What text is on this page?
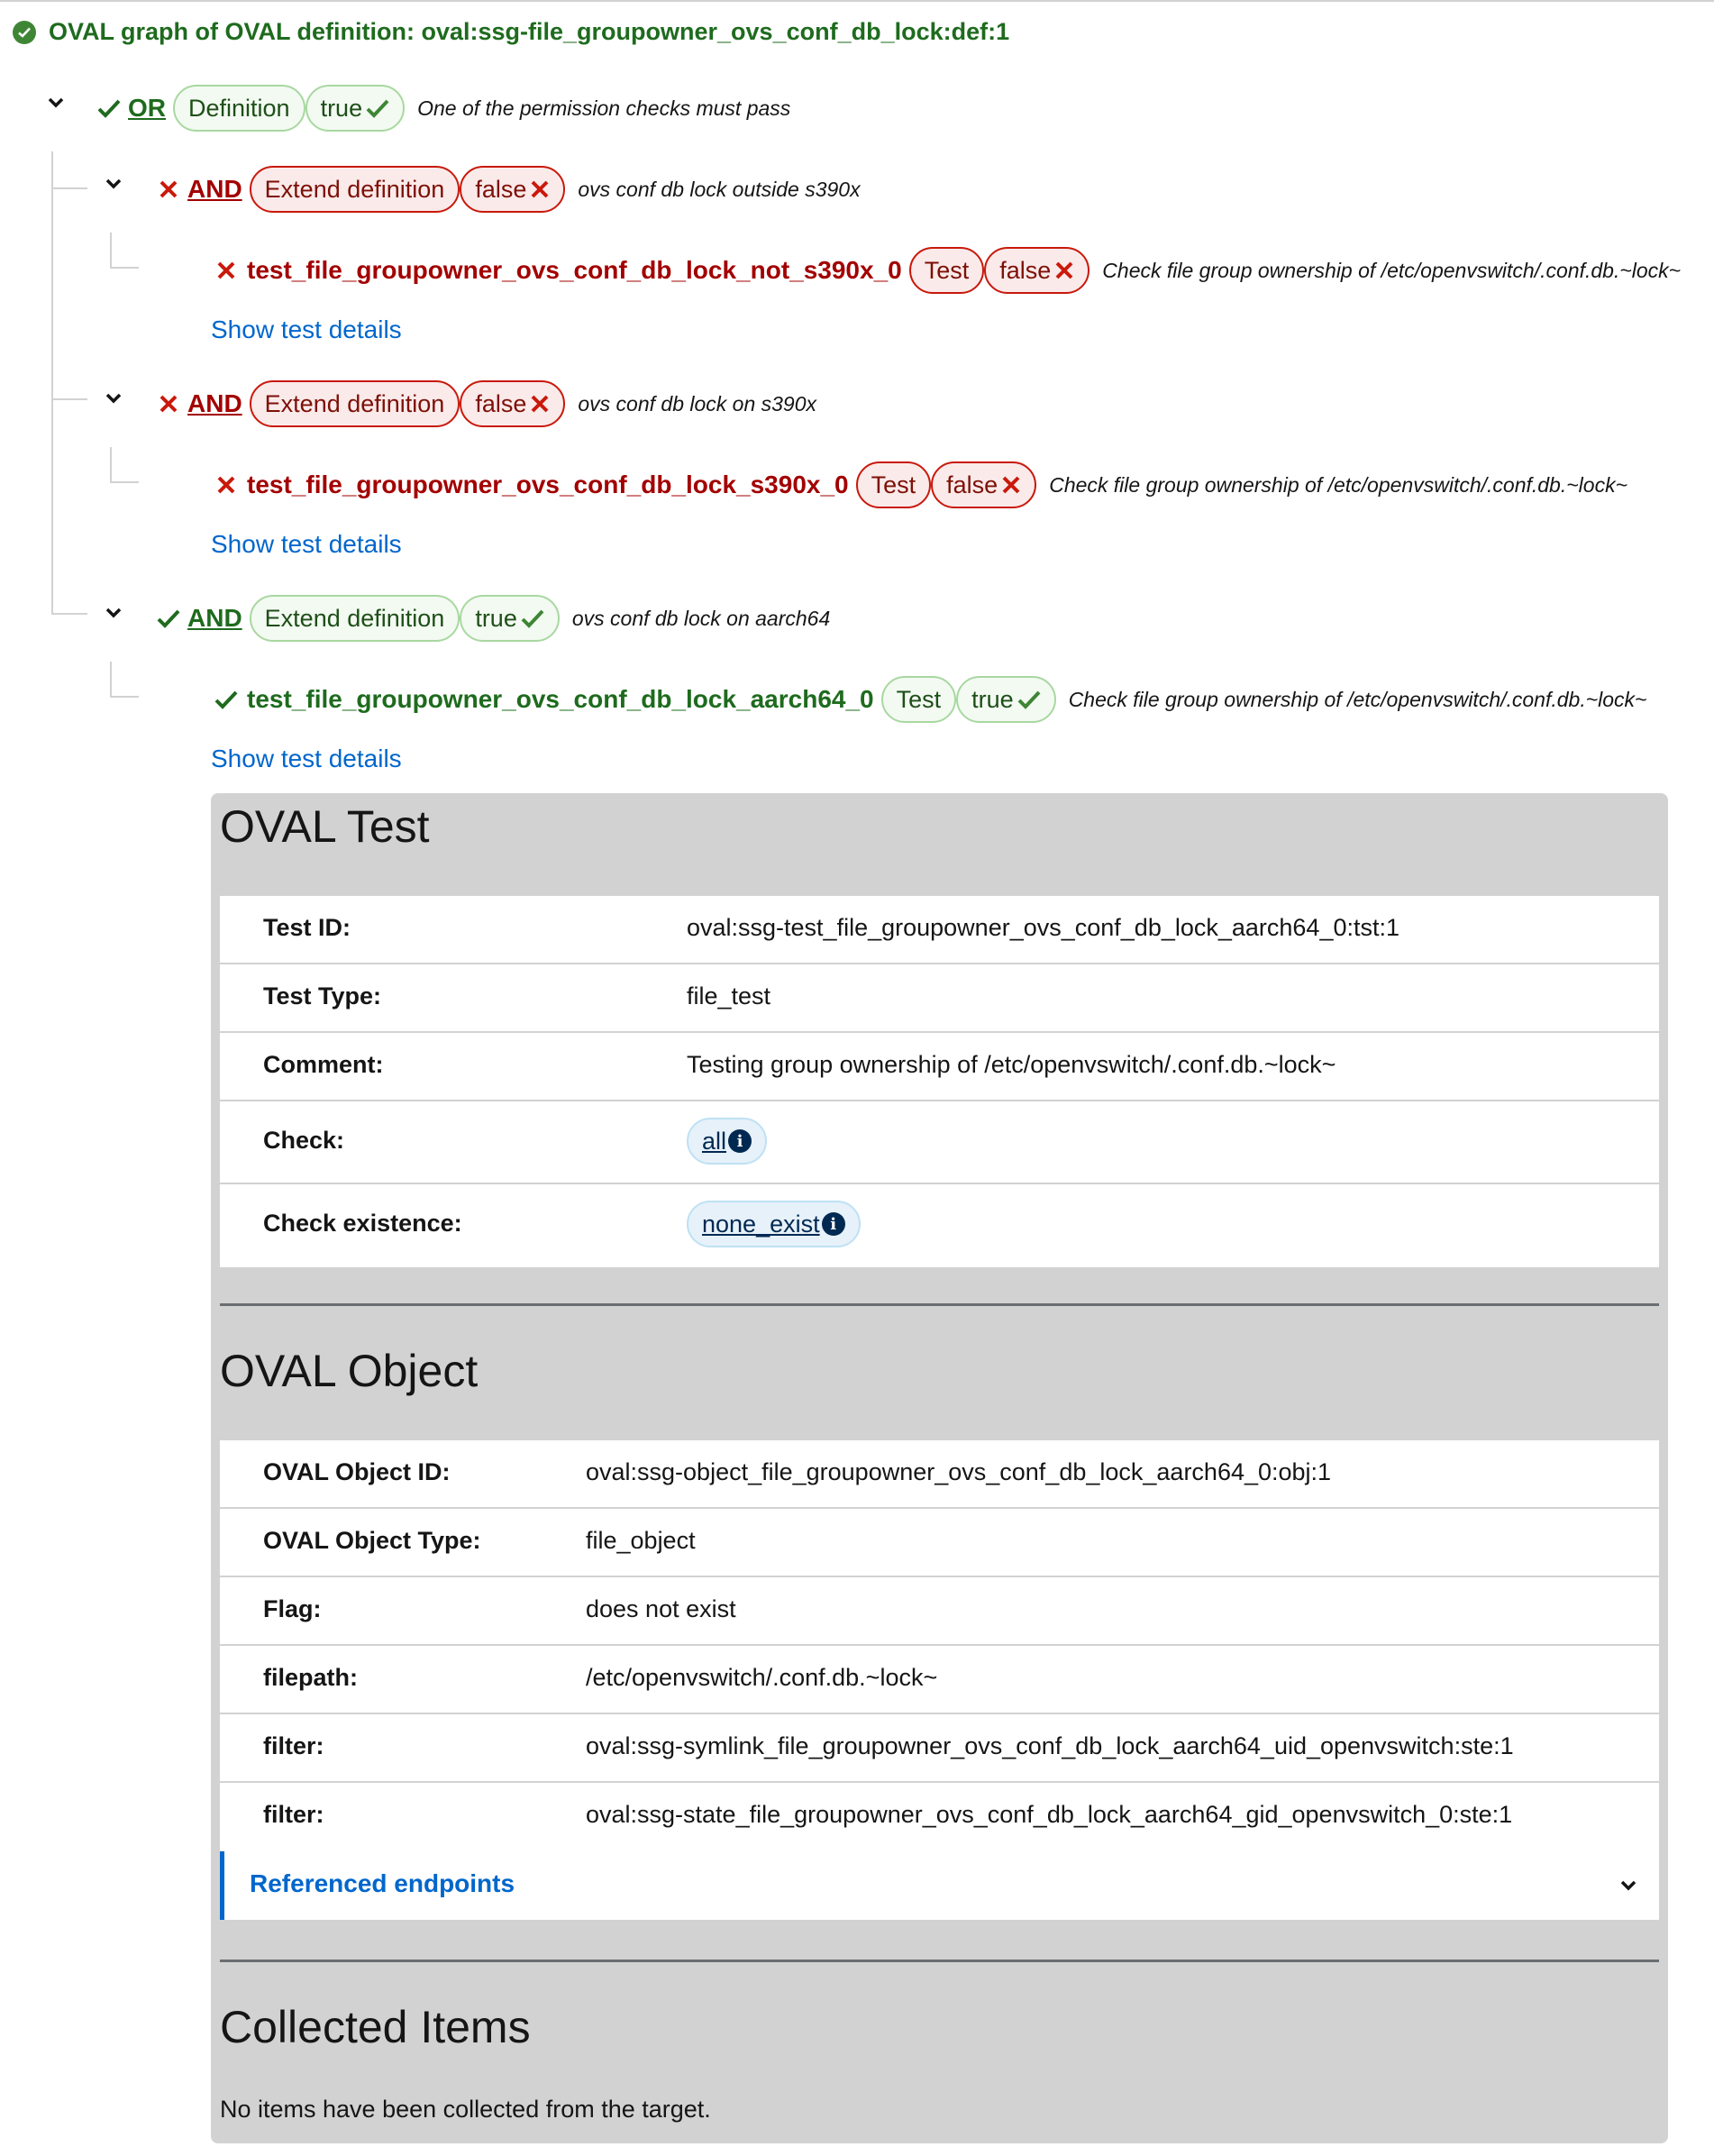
OVAL graph of OVAL definition: oval:ssg-file_groupowner_ovs_conf_db_lock:def:1
OR Definition	true	One of the permission checks must pass
AND Extend definition	false ovs conf db lock outside s390x
test_file_groupowner_ovs_conf_db_lock_not_s390x_0 Test	false Check file group ownership of /etc/openvswitch/.conf.db.~lock~
Show test details
AND Extend definition	false ovs conf db lock on s390x
test_file_groupowner_ovs_conf_db_lock_s390x_0 Test	false Check file group ownership of /etc/openvswitch/.conf.db.~lock~
Show test details
AND Extend definition	true	ovs conf db lock on aarch64
test_file_groupowner_ovs_conf_db_lock_aarch64_0 Test	true	Check file group ownership of /etc/openvswitch/.conf.db.~lock~
Show test details
OVAL Test
Test ID:	oval:ssg-test_file_groupowner_ovs_conf_db_lock_aarch64_0:tst:1
Test Type:	file_test
Comment:	Testing group ownership of /etc/openvswitch/.conf.db.~lock~
Check:	all i
Check existence:	none_exist i
OVAL Object
OVAL Object ID:	oval:ssg-object_file_groupowner_ovs_conf_db_lock_aarch64_0:obj:1
OVAL Object Type:	file_object
Flag:	does not exist
filepath:	/etc/openvswitch/.conf.db.~lock~
filter:	oval:ssg-symlink_file_groupowner_ovs_conf_db_lock_aarch64_uid_openvswitch:ste:1
filter:	oval:ssg-state_file_groupowner_ovs_conf_db_lock_aarch64_gid_openvswitch_0:ste:1
Referenced endpoints
Collected Items
No items have been collected from the target.
